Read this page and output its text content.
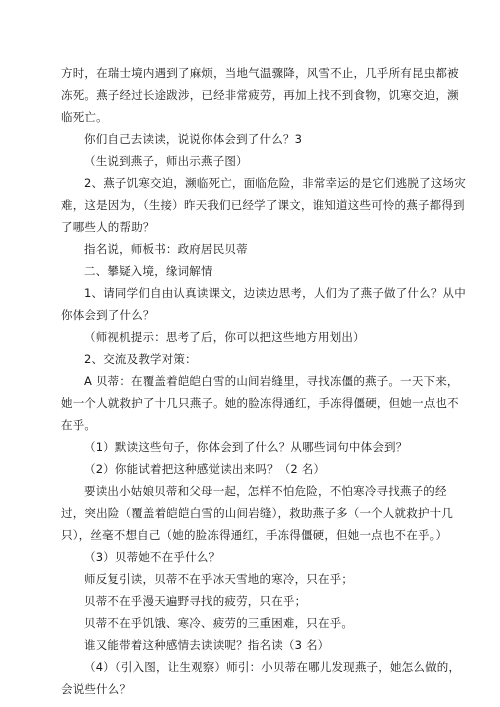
方时，在瑞士境内遇到了麻烦，当地气温骤降，风雪不止，几乎所有昆虫都被
冻死。燕子经过长途跋涉，已经非常疲劳，再加上找不到食物，饥寒交迫，濒
临死亡。
你们自己去读读，说说你体会到了什么？3
（生说到燕子，师出示燕子图）
2、燕子饥寒交迫，濒临死亡，面临危险，非常幸运的是它们逃脱了这场灾
难，这是因为，（生接）昨天我们已经学了课文，谁知道这些可怜的燕子都得到
了哪些人的帮助？
指名说，师板书：政府居民贝蒂
二、攀疑入境，缘词解情
1、请同学们自由认真读课文，边读边思考，人们为了燕子做了什么？从中
你体会到了什么？
（师视机提示：思考了后，你可以把这些地方用划出）
2、交流及教学对策：
A 贝蒂：在覆盖着皑皑白雪的山间岩缝里，寻找冻僵的燕子。一天下来，
她一个人就救护了十几只燕子。她的脸冻得通红，手冻得僵硬，但她一点也不
在乎。
（1）默读这些句子，你体会到了什么？从哪些词句中体会到？
（2）你能试着把这种感觉读出来吗？（2 名）
要读出小姑娘贝蒂和父母一起，怎样不怕危险，不怕寒冷寻找燕子的经
过，突出险（覆盖着皑皑白雪的山间岩缝），救助燕子多（一个人就救护十几
只），丝毫不想自己（她的脸冻得通红，手冻得僵硬，但她一点也不在乎。）
（3）贝蒂她不在乎什么？
师反复引读，贝蒂不在乎冰天雪地的寒冷，只在乎；
贝蒂不在乎漫天遍野寻找的疲劳，只在乎；
贝蒂不在乎饥饿、寒冷、疲劳的三重困难，只在乎。
谁又能带着这种感情去读读呢？指名读（3 名）
（4）（引入图，让生观察）师引：小贝蒂在哪儿发现燕子，她怎么做的，
会说些什么？
